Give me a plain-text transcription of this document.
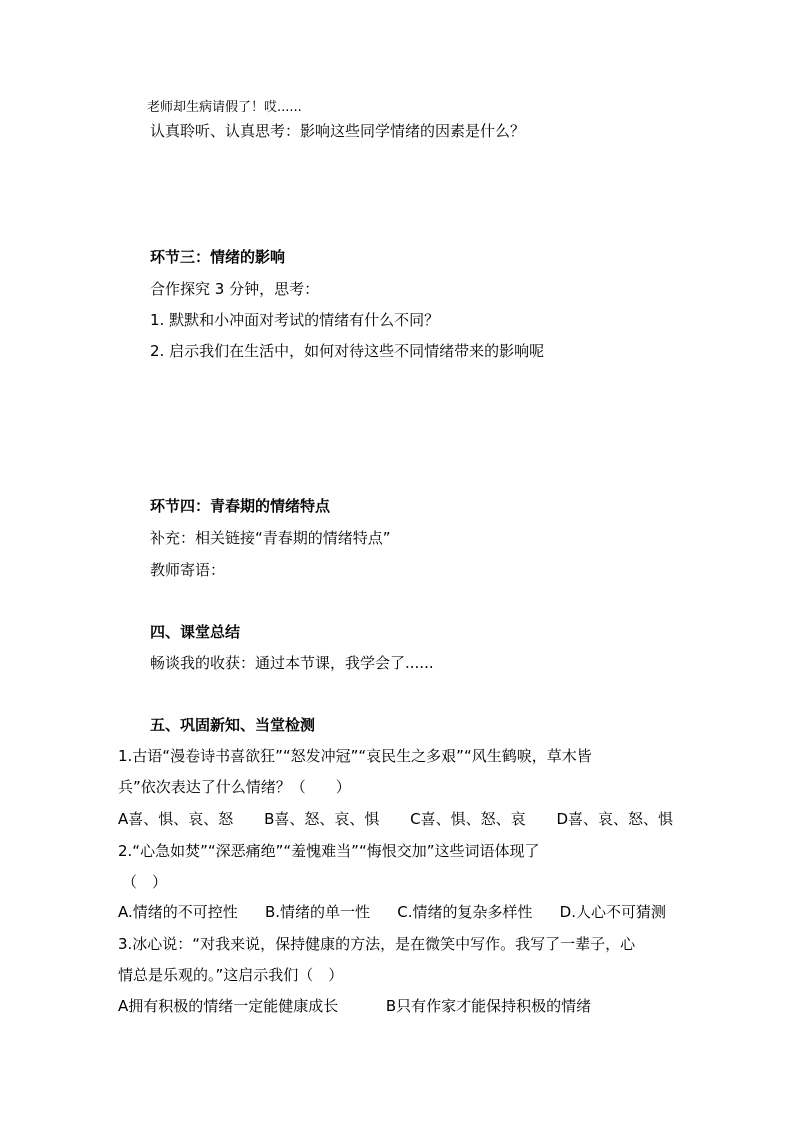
老师却生病请假了！哎......
认真聆听、认真思考：影响这些同学情绪的因素是什么？
环节三：情绪的影响
合作探究 3 分钟，思考：
1. 默默和小冲面对考试的情绪有什么不同？
2. 启示我们在生活中，如何对待这些不同情绪带来的影响呢
环节四：青春期的情绪特点
补充：相关链接“青春期的情绪特点”
教师寄语：
四、课堂总结
畅谈我的收获：通过本节课，我学会了......
五、巩固新知、当堂检测
1.古语“漫卷诗书喜欲狂”“怒发冲冠”“哀民生之多艰”“风生鹤唳，草木皆
兵”依次表达了什么情绪？（　　）
A喜、惧、哀、怒 B喜、怒、哀、惧 C喜、惧、怒、哀 D喜、哀、怒、惧
2.“心急如焚”“深恶痛绝”“羞愧难当”“悔恨交加”这些词语体现了
（　）
A.情绪的不可控性 B.情绪的单一性 C.情绪的复杂多样性 D.人心不可猜测
3.冰心说：“对我来说，保持健康的方法，是在微笑中写作。我写了一辈子，心
情总是乐观的。”这启示我们（　）
A拥有积极的情绪一定能健康成长	B只有作家才能保持积极的情绪
